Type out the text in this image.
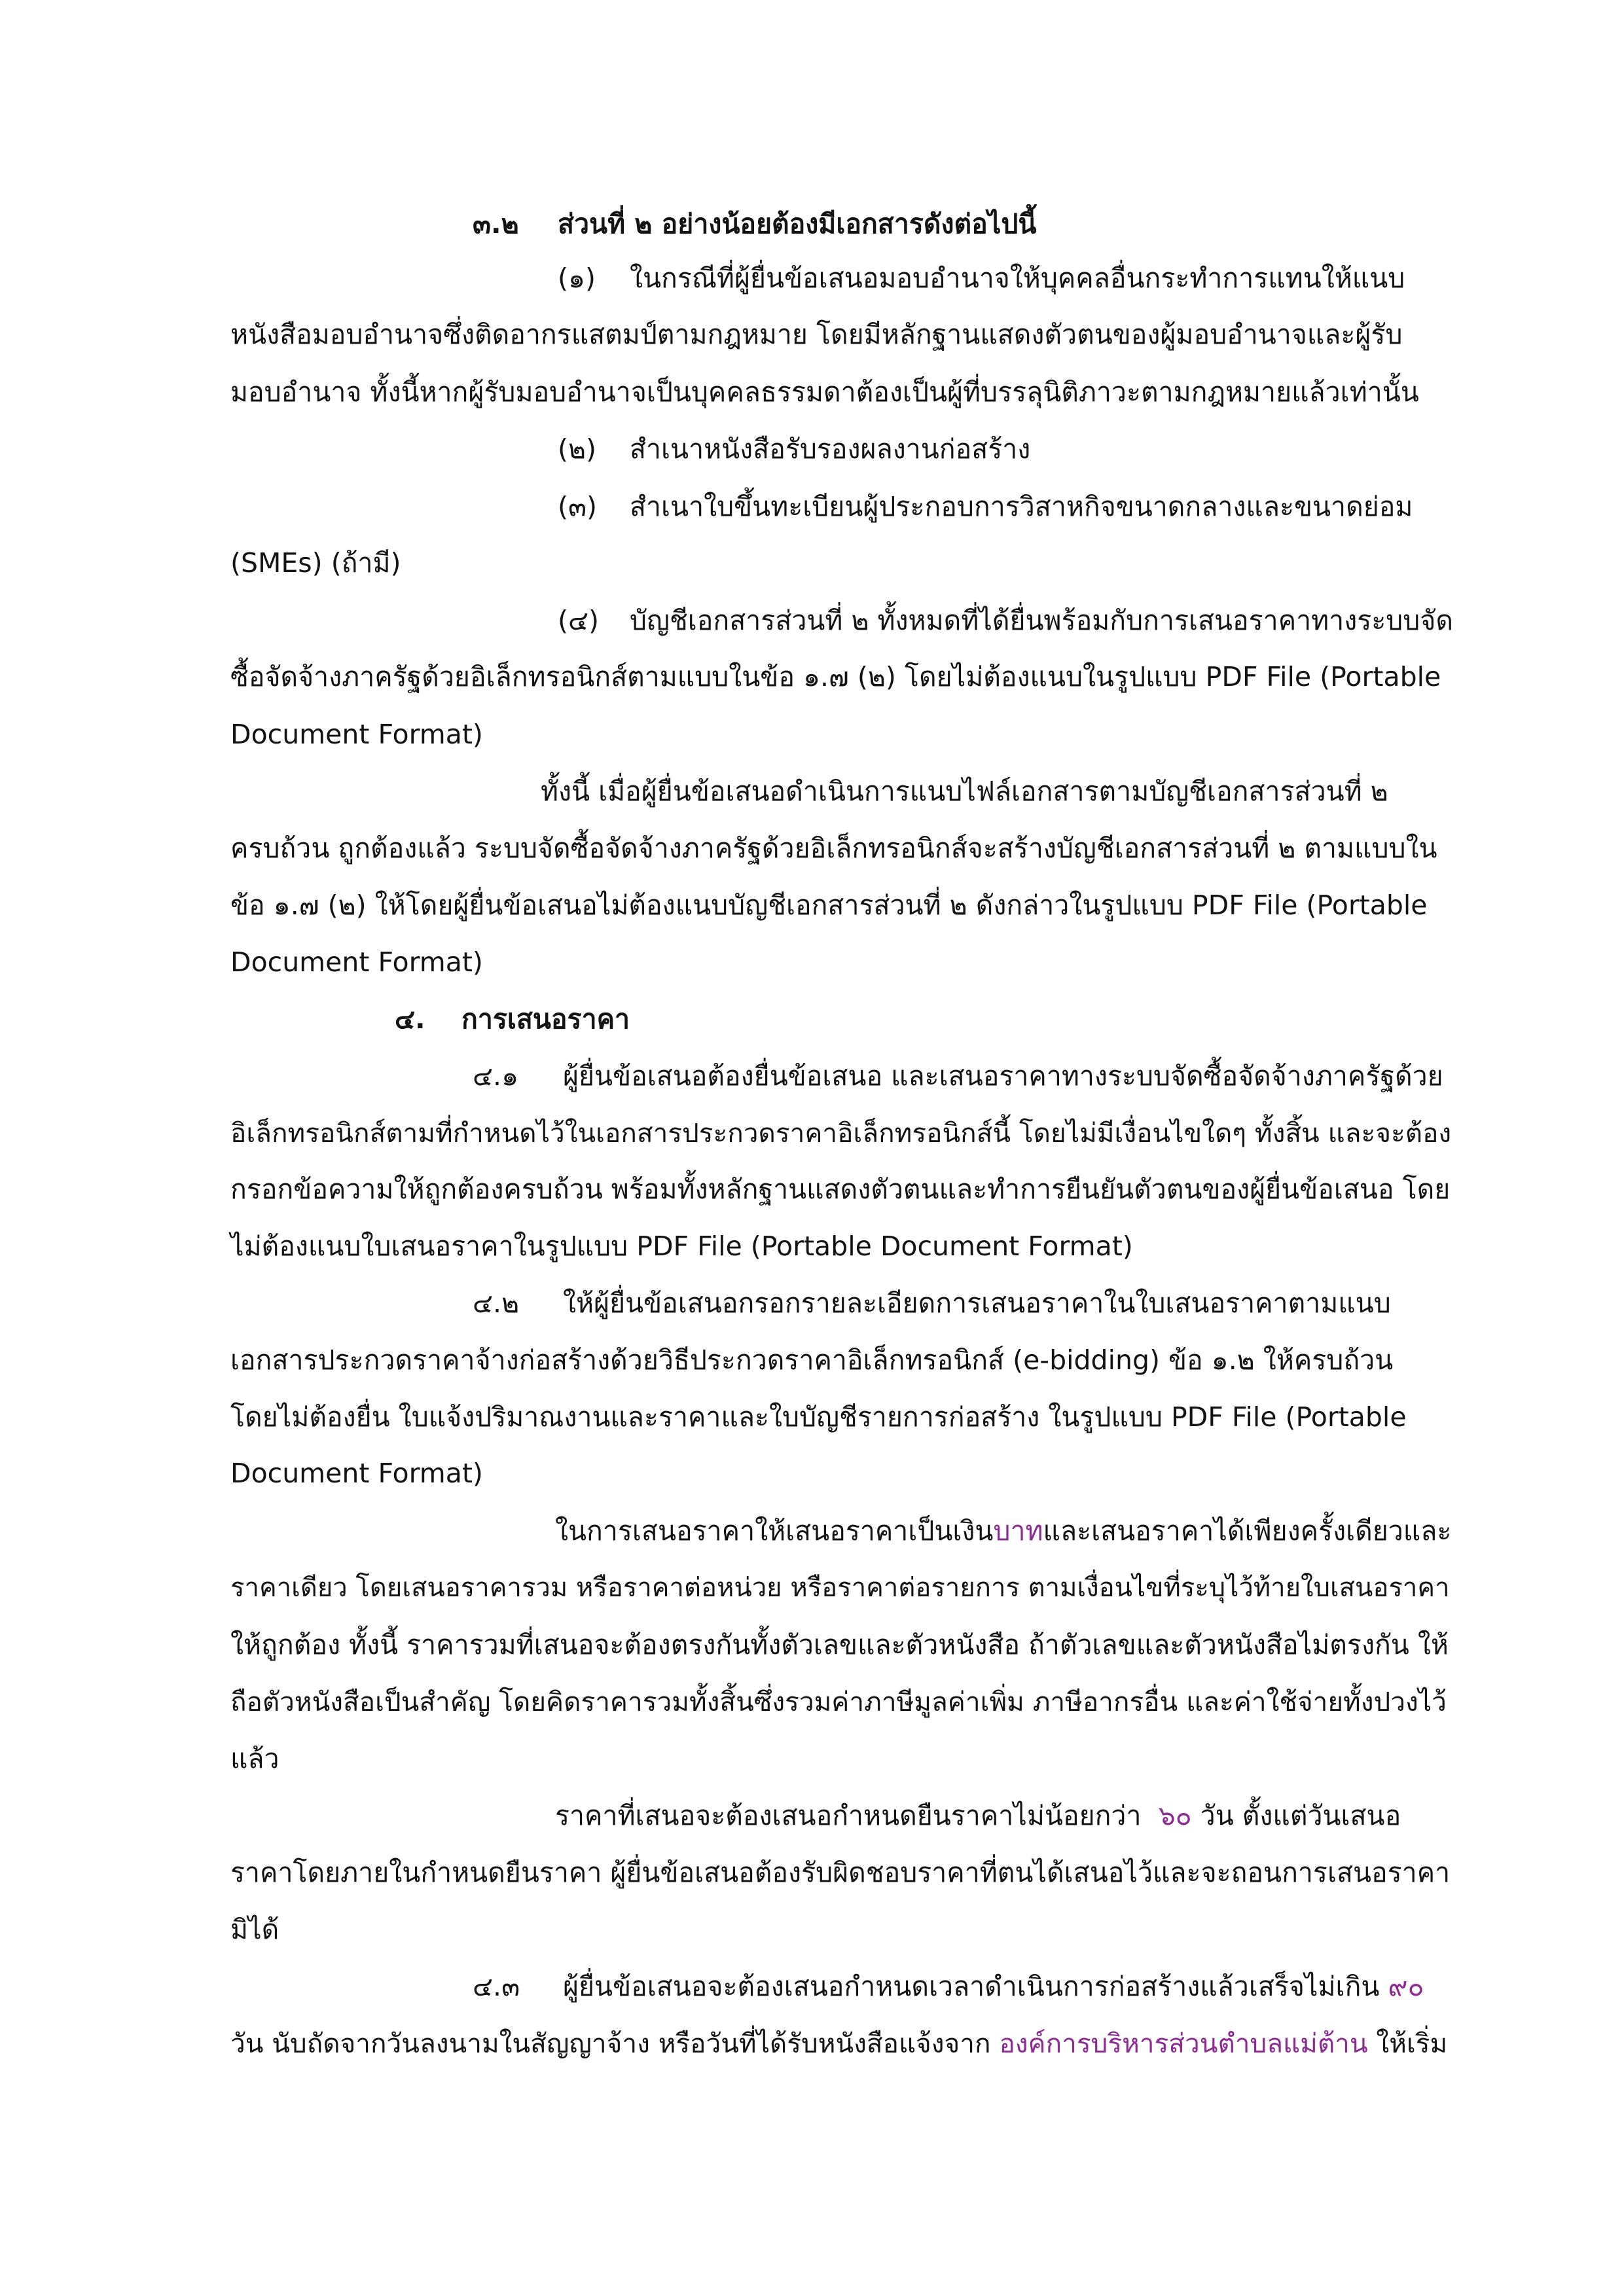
๓.๒ ส่วนที่ ๒ อย่างน้อยต้องมีเอกสารดังต่อไปนี้
(๑) ในกรณีที่ผู้ยื่นข้อเสนอมอบอำนาจให้บุคคลอื่นกระทำการแทนให้แนบ
หนังสือมอบอำนาจซึ่งติดอากรแสตมป์ตามกฎหมาย โดยมีหลักฐานแสดงตัวตนของผู้มอบอำนาจและผู้รับ
มอบอำนาจ ทั้งนี้หากผู้รับมอบอำนาจเป็นบุคคลธรรมดาต้องเป็นผู้ที่บรรลุนิติภาวะตามกฎหมายแล้วเท่านั้น
(๒) สำเนาหนังสือรับรองผลงานก่อสร้าง
(๓) สำเนาใบขึ้นทะเบียนผู้ประกอบการวิสาหกิจขนาดกลางและขนาดย่อม
(SMEs) (ถ้ามี)
(๔) บัญชีเอกสารส่วนที่ ๒ ทั้งหมดที่ได้ยื่นพร้อมกับการเสนอราคาทางระบบจัด
ซื้อจัดจ้างภาครัฐด้วยอิเล็กทรอนิกส์ตามแบบในข้อ ๑.๗ (๒) โดยไม่ต้องแนบในรูปแบบ PDF File (Portable
Document Format)
ทั้งนี้ เมื่อผู้ยื่นข้อเสนอดำเนินการแนบไฟล์เอกสารตามบัญชีเอกสารส่วนที่ ๒
ครบถ้วน ถูกต้องแล้ว ระบบจัดซื้อจัดจ้างภาครัฐด้วยอิเล็กทรอนิกส์จะสร้างบัญชีเอกสารส่วนที่ ๒ ตามแบบใน
ข้อ ๑.๗ (๒) ให้โดยผู้ยื่นข้อเสนอไม่ต้องแนบบัญชีเอกสารส่วนที่ ๒ ดังกล่าวในรูปแบบ PDF File (Portable
Document Format)
๔. การเสนอราคา
๔.๑ ผู้ยื่นข้อเสนอต้องยื่นข้อเสนอ และเสนอราคาทางระบบจัดซื้อจัดจ้างภาครัฐด้วย
อิเล็กทรอนิกส์ตามที่กำหนดไว้ในเอกสารประกวดราคาอิเล็กทรอนิกส์นี้ โดยไม่มีเงื่อนไขใดๆ ทั้งสิ้น และจะต้อง
กรอกข้อความให้ถูกต้องครบถ้วน พร้อมทั้งหลักฐานแสดงตัวตนและทำการยืนยันตัวตนของผู้ยื่นข้อเสนอ โดย
ไม่ต้องแนบใบเสนอราคาในรูปแบบ PDF File (Portable Document Format)
๔.๒ ให้ผู้ยื่นข้อเสนอกรอกรายละเอียดการเสนอราคาในใบเสนอราคาตามแนบ
เอกสารประกวดราคาจ้างก่อสร้างด้วยวิธีประกวดราคาอิเล็กทรอนิกส์ (e-bidding) ข้อ ๑.๒ ให้ครบถ้วน
โดยไม่ต้องยื่น ใบแจ้งปริมาณงานและราคาและใบบัญชีรายการก่อสร้าง ในรูปแบบ PDF File (Portable
Document Format)
ในการเสนอราคาให้เสนอราคาเป็นเงินบาทและเสนอราคาได้เพียงครั้งเดียวและ
ราคาเดียว โดยเสนอราคารวม หรือราคาต่อหน่วย หรือราคาต่อรายการ ตามเงื่อนไขที่ระบุไว้ท้ายใบเสนอราคา
ให้ถูกต้อง ทั้งนี้ ราคารวมที่เสนอจะต้องตรงกันทั้งตัวเลขและตัวหนังสือ ถ้าตัวเลขและตัวหนังสือไม่ตรงกัน ให้
ถือตัวหนังสือเป็นสำคัญ โดยคิดราคารวมทั้งสิ้นซึ่งรวมค่าภาษีมูลค่าเพิ่ม ภาษีอากรอื่น และค่าใช้จ่ายทั้งปวงไว้
แล้ว
ราคาที่เสนอจะต้องเสนอกำหนดยืนราคาไม่น้อยกว่า ๖๐ วัน ตั้งแต่วันเสนอ
ราคาโดยภายในกำหนดยืนราคา ผู้ยื่นข้อเสนอต้องรับผิดชอบราคาที่ตนได้เสนอไว้และจะถอนการเสนอราคา
มิได้
๔.๓ ผู้ยื่นข้อเสนอจะต้องเสนอกำหนดเวลาดำเนินการก่อสร้างแล้วเสร็จไม่เกิน ๙๐
วัน นับถัดจากวันลงนามในสัญญาจ้าง หรือวันที่ได้รับหนังสือแจ้งจาก องค์การบริหารส่วนตำบลแม่ต้าน ให้เริ่ม
